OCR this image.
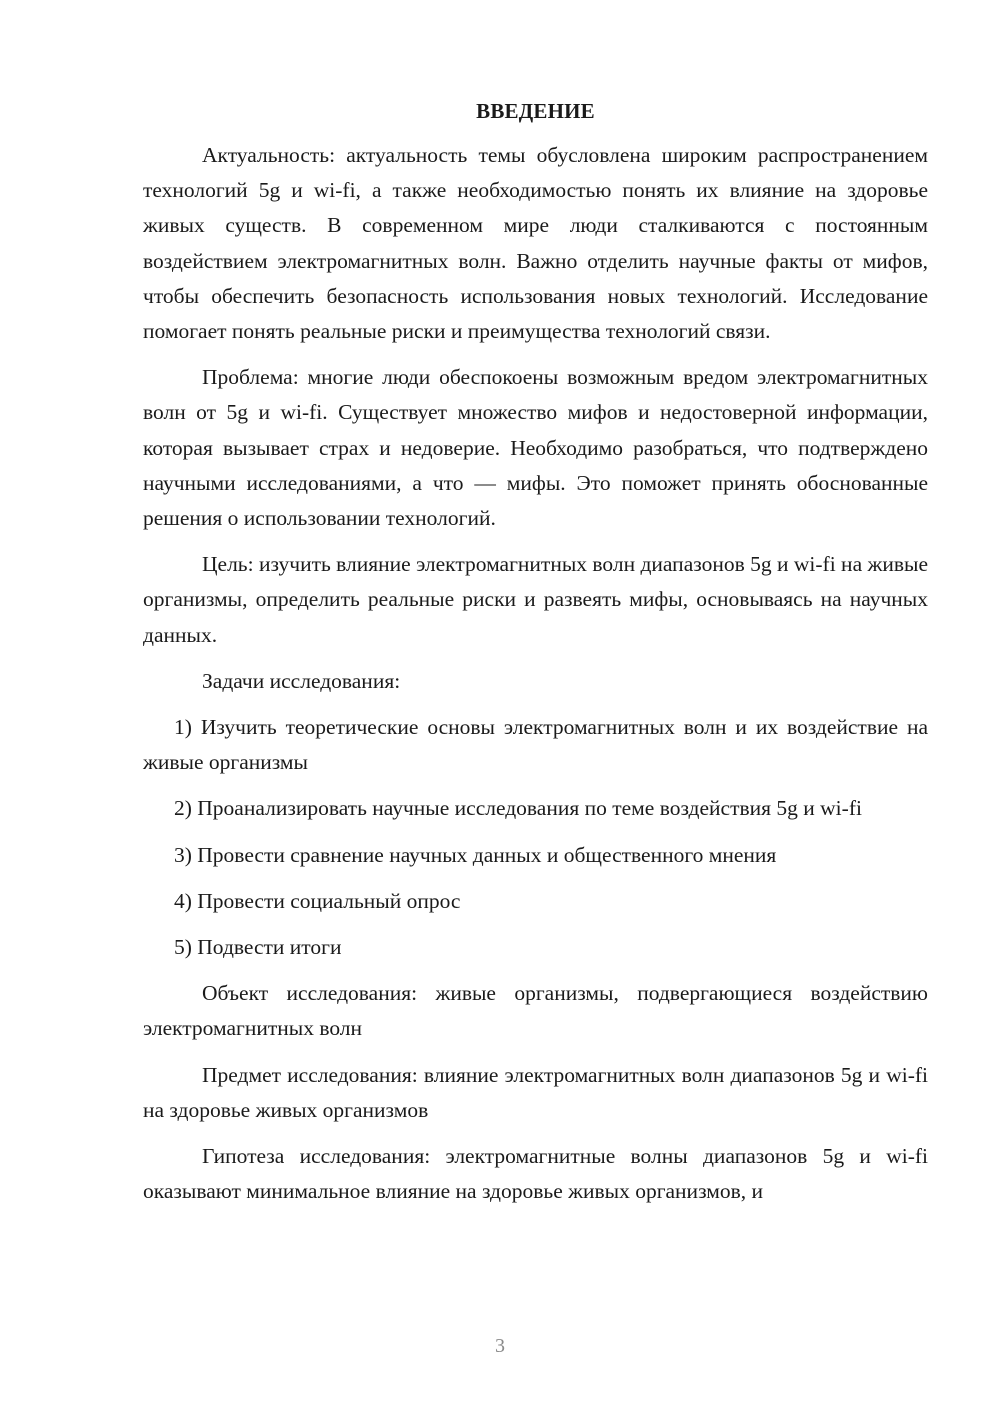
ВВЕДЕНИЕ

Актуальность: актуальность темы обусловлена широким распространением технологий 5g и wi-fi, а также необходимостью понять их влияние на здоровье живых существ. В современном мире люди сталкиваются с постоянным воздействием электромагнитных волн. Важно отделить научные факты от мифов, чтобы обеспечить безопасность использования новых технологий. Исследование помогает понять реальные риски и преимущества технологий связи.

Проблема: многие люди обеспокоены возможным вредом электромагнитных волн от 5g и wi-fi. Существует множество мифов и недостоверной информации, которая вызывает страх и недоверие. Необходимо разобраться, что подтверждено научными исследованиями, а что — мифы. Это поможет принять обоснованные решения о использовании технологий.

Цель: изучить влияние электромагнитных волн диапазонов 5g и wi-fi на живые организмы, определить реальные риски и развеять мифы, основываясь на научных данных.

Задачи исследования:

1) Изучить теоретические основы электромагнитных волн и их воздействие на живые организмы

2) Проанализировать научные исследования по теме воздействия 5g и wi-fi

3) Провести сравнение научных данных и общественного мнения

4) Провести социальный опрос

5) Подвести итоги

Объект исследования: живые организмы, подвергающиеся воздействию электромагнитных волн

Предмет исследования: влияние электромагнитных волн диапазонов 5g и wi-fi на здоровье живых организмов

Гипотеза исследования: электромагнитные волны диапазонов 5g и wi-fi оказывают минимальное влияние на здоровье живых организмов, и

3
